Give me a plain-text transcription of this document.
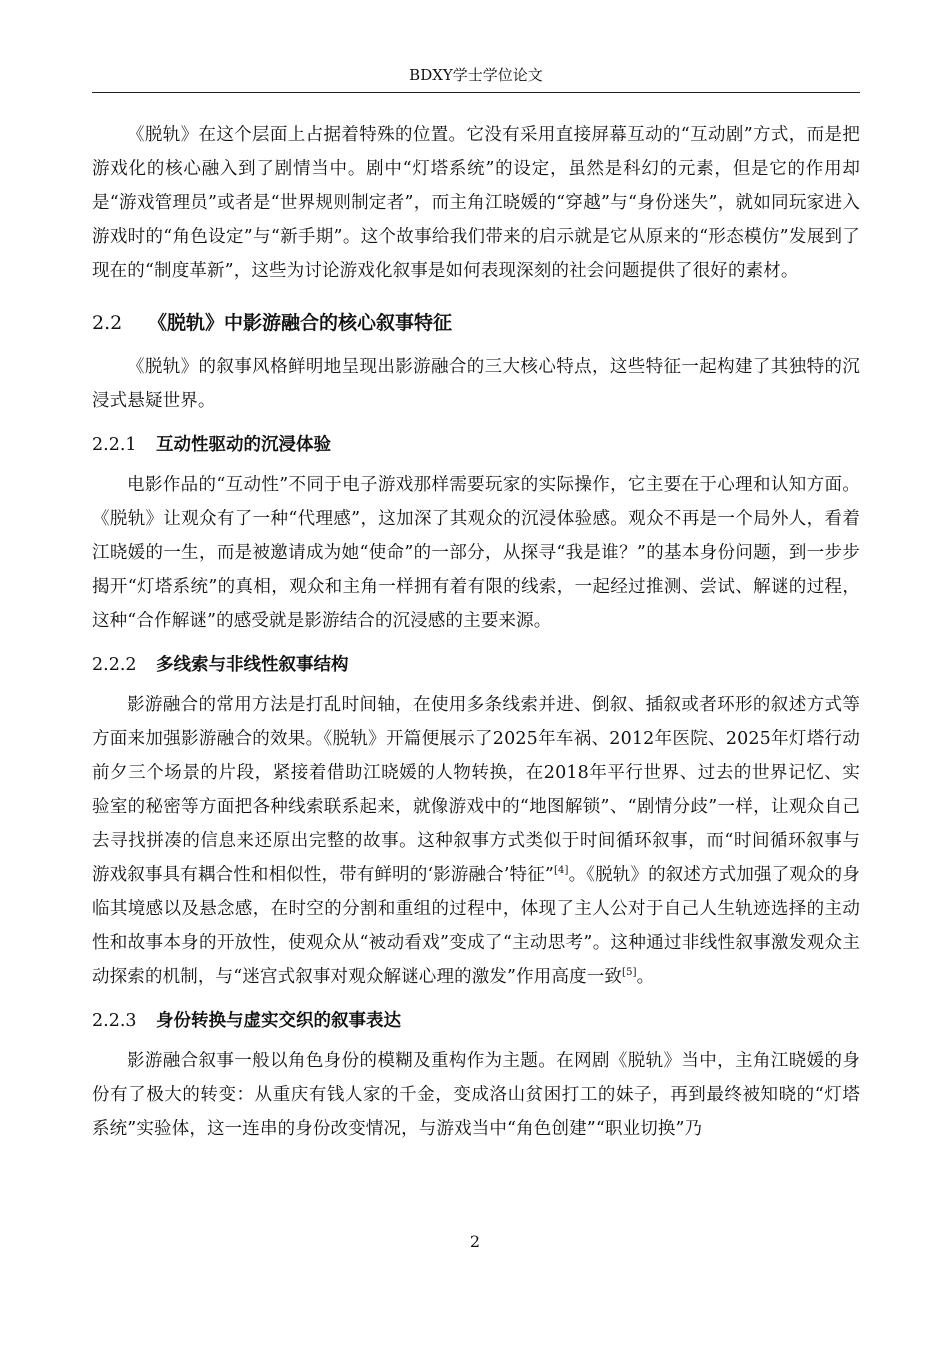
BDXY学士学位论文

《脱轨》在这个层面上占据着特殊的位置。它没有采用直接屏幕互动的“互动剧”方式，而是把游戏化的核心融入到了剧情当中。剧中“灯塔系统”的设定，虽然是科幻的元素，但是它的作用却是“游戏管理员”或者是“世界规则制定者”，而主角江晓媛的“穿越”与“身份迷失”，就如同玩家进入游戏时的“角色设定”与“新手期”。这个故事给我们带来的启示就是它从原来的“形态模仿”发展到了现在的“制度革新”，这些为讨论游戏化叙事是如何表现深刻的社会问题提供了很好的素材。

2.2 《脱轨》中影游融合的核心叙事特征

《脱轨》的叙事风格鲜明地呈现出影游融合的三大核心特点，这些特征一起构建了其独特的沉浸式悬疑世界。

2.2.1 互动性驱动的沉浸体验

电影作品的“互动性”不同于电子游戏那样需要玩家的实际操作，它主要在于心理和认知方面。《脱轨》让观众有了一种“代理感”，这加深了其观众的沉浸体验感。观众不再是一个局外人，看着江晓媛的一生，而是被邀请成为她“使命”的一部分，从探寻“我是谁？”的基本身份问题，到一步步揭开“灯塔系统”的真相，观众和主角一样拥有着有限的线索，一起经过推测、尝试、解谜的过程，这种“合作解谜”的感受就是影游结合的沉浸感的主要来源。

2.2.2 多线索与非线性叙事结构

影游融合的常用方法是打乱时间轴，在使用多条线索并进、倒叙、插叙或者环形的叙述方式等方面来加强影游融合的效果。《脱轨》开篇便展示了2025年车祸、2012年医院、2025年灯塔行动前夕三个场景的片段，紧接着借助江晓媛的人物转换，在2018年平行世界、过去的世界记忆、实验室的秘密等方面把各种线索联系起来，就像游戏中的“地图解锁”、“剧情分歧”一样，让观众自己去寻找拼凑的信息来还原出完整的故事。这种叙事方式类似于时间循环叙事，而“时间循环叙事与游戏叙事具有耦合性和相似性，带有鲜明的‘影游融合’特征”[4]。《脱轨》的叙述方式加强了观众的身临其境感以及悬念感，在时空的分割和重组的过程中，体现了主人公对于自己人生轨迹选择的主动性和故事本身的开放性，使观众从“被动看戏”变成了“主动思考”。这种通过非线性叙事激发观众主动探索的机制，与“迷宫式叙事对观众解谜心理的激发”作用高度一致[5]。

2.2.3 身份转换与虚实交织的叙事表达

影游融合叙事一般以角色身份的模糊及重构作为主题。在网剧《脱轨》当中，主角江晓媛的身份有了极大的转变：从重庆有钱人家的千金，变成洛山贫困打工的妹子，再到最终被知晓的“灯塔系统”实验体，这一连串的身份改变情况，与游戏当中“角色创建”“职业切换”乃

2
